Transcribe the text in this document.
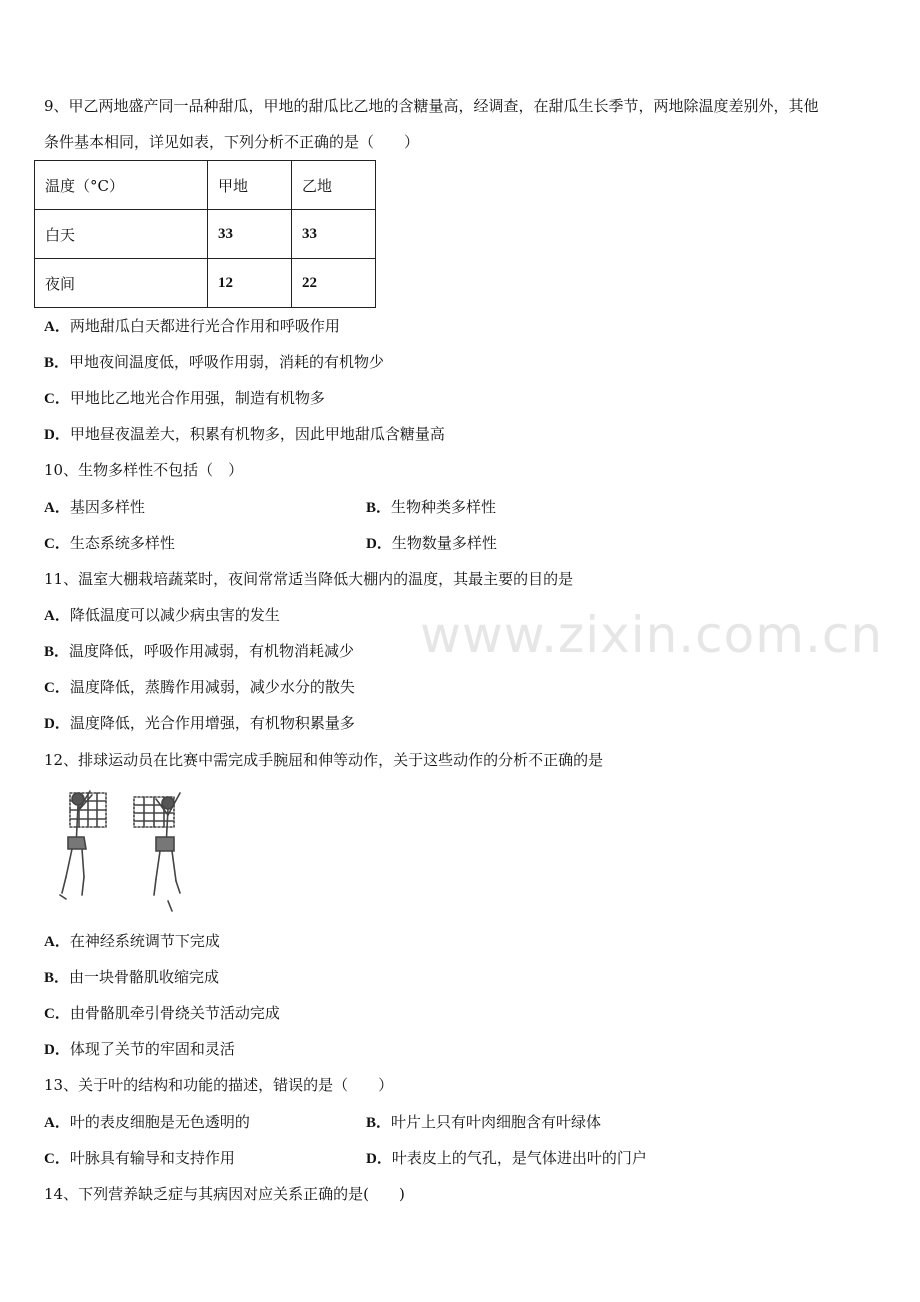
www.zixin.com.cn
9、甲乙两地盛产同一品种甜瓜，甲地的甜瓜比乙地的含糖量高，经调查，在甜瓜生长季节，两地除温度差别外，其他
条件基本相同，详见如表，下列分析不正确的是（　　）
温度（°C）	甲地	乙地
白天	33	33
夜间	12	22
A．两地甜瓜白天都进行光合作用和呼吸作用
B．甲地夜间温度低，呼吸作用弱，消耗的有机物少
C．甲地比乙地光合作用强，制造有机物多
D．甲地昼夜温差大，积累有机物多，因此甲地甜瓜含糖量高
10、生物多样性不包括（　）
A．基因多样性	B．生物种类多样性
C．生态系统多样性	D．生物数量多样性
11、温室大棚栽培蔬菜时，夜间常常适当降低大棚内的温度，其最主要的目的是
A．降低温度可以减少病虫害的发生
B．温度降低，呼吸作用减弱，有机物消耗减少
C．温度降低，蒸腾作用减弱，减少水分的散失
D．温度降低，光合作用增强，有机物积累量多
12、排球运动员在比赛中需完成手腕屈和伸等动作，关于这些动作的分析不正确的是
A．在神经系统调节下完成
B．由一块骨骼肌收缩完成
C．由骨骼肌牵引骨绕关节活动完成
D．体现了关节的牢固和灵活
13、关于叶的结构和功能的描述，错误的是（　　）
A．叶的表皮细胞是无色透明的	B．叶片上只有叶肉细胞含有叶绿体
C．叶脉具有输导和支持作用	D．叶表皮上的气孔，是气体进出叶的门户
14、下列营养缺乏症与其病因对应关系正确的是(　　)
